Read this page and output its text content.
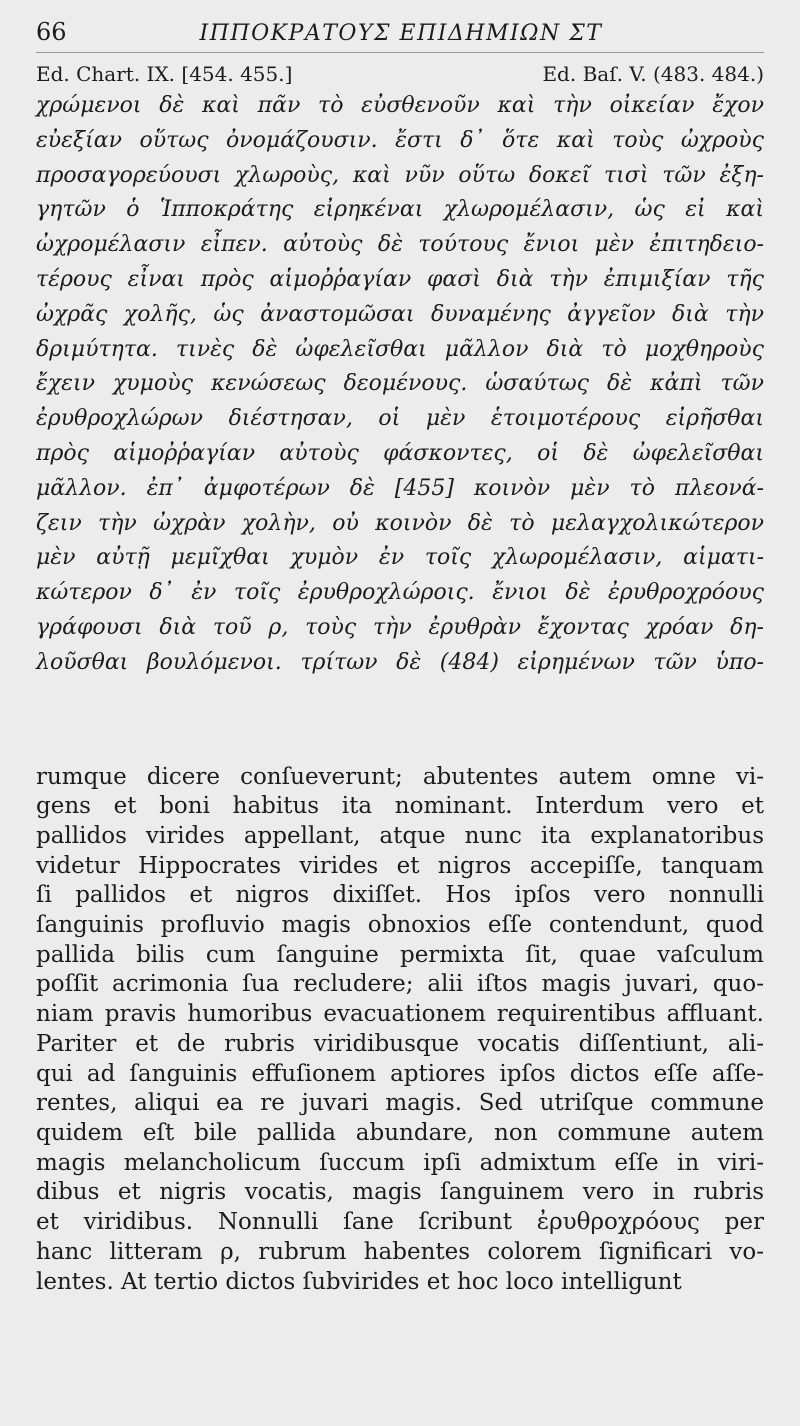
66	ΙΠΠΟΚΡΑΤΟΥΣ ΕΠΙΔΗΜΙΩΝ ΣΤ
Ed. Chart. IX. [454. 455.]	Ed. Baſ. V. (483. 484.)
χρώμενοι δὲ καὶ πᾶν τὸ εὐσθενοῦν καὶ τὴν οἰκείαν ἔχον
εὐεξίαν οὕτως ὀνομάζουσιν. ἔστι δ᾽ ὅτε καὶ τοὺς ὠχροὺς
προσαγορεύουσι χλωροὺς, καὶ νῦν οὕτω δοκεῖ τισὶ τῶν ἐξη-
γητῶν ὁ Ἱπποκράτης εἰρηκέναι χλωρομέλασιν, ὡς εἰ καὶ
ὠχρομέλασιν εἶπεν. αὐτοὺς δὲ τούτους ἔνιοι μὲν ἐπιτηδειο-
τέρους εἶναι πρὸς αἱμοῤῥαγίαν φασὶ διὰ τὴν ἐπιμιξίαν τῆς
ὠχρᾶς χολῆς, ὡς ἀναστομῶσαι δυναμένης ἀγγεῖον διὰ τὴν
δριμύτητα. τινὲς δὲ ὠφελεῖσθαι μᾶλλον διὰ τὸ μοχθηροὺς
ἔχειν χυμοὺς κενώσεως δεομένους. ὡσαύτως δὲ κἀπὶ τῶν
ἐρυθροχλώρων διέστησαν, οἱ μὲν ἑτοιμοτέρους εἰρῆσθαι
πρὸς αἱμοῤῥαγίαν αὐτοὺς φάσκοντες, οἱ δὲ ὠφελεῖσθαι
μᾶλλον. ἐπ᾽ ἀμφοτέρων δὲ [455] κοινὸν μὲν τὸ πλεονά-
ζειν τὴν ὠχρὰν χολὴν, οὐ κοινὸν δὲ τὸ μελαγχολικώτερον
μὲν αὐτῇ μεμῖχθαι χυμὸν ἐν τοῖς χλωρομέλασιν, αἱματι-
κώτερον δ᾽ ἐν τοῖς ἐρυθροχλώροις. ἔνιοι δὲ ἐρυθροχρόους
γράφουσι διὰ τοῦ ρ, τοὺς τὴν ἐρυθρὰν ἔχοντας χρόαν δη-
λοῦσθαι βουλόμενοι. τρίτων δὲ (484) εἰρημένων τῶν ὑπο-
rumque dicere conſueverunt; abutentes autem omne vi-
gens et boni habitus ita nominant. Interdum vero et
pallidos virides appellant, atque nunc ita explanatoribus
videtur Hippocrates virides et nigros accepiſſe, tanquam
ſi pallidos et nigros dixiſſet. Hos ipſos vero nonnulli
ſanguinis profluvio magis obnoxios eſſe contendunt, quod
pallida bilis cum ſanguine permixta ſit, quae vaſculum
poſſit acrimonia ſua recludere; alii iſtos magis juvari, quo-
niam pravis humoribus evacuationem requirentibus affluant.
Pariter et de rubris viridibusque vocatis diſſentiunt, ali-
qui ad ſanguinis effuſionem aptiores ipſos dictos eſſe aſſe-
rentes, aliqui ea re juvari magis. Sed utriſque commune
quidem eſt bile pallida abundare, non commune autem
magis melancholicum ſuccum ipſi admixtum eſſe in viri-
dibus et nigris vocatis, magis ſanguinem vero in rubris
et viridibus. Nonnulli ſane ſcribunt ἐρυθροχρόους per
hanc litteram ρ, rubrum habentes colorem ſignificari vo-
lentes. At tertio dictos ſubvirides et hoc loco intelligunt
